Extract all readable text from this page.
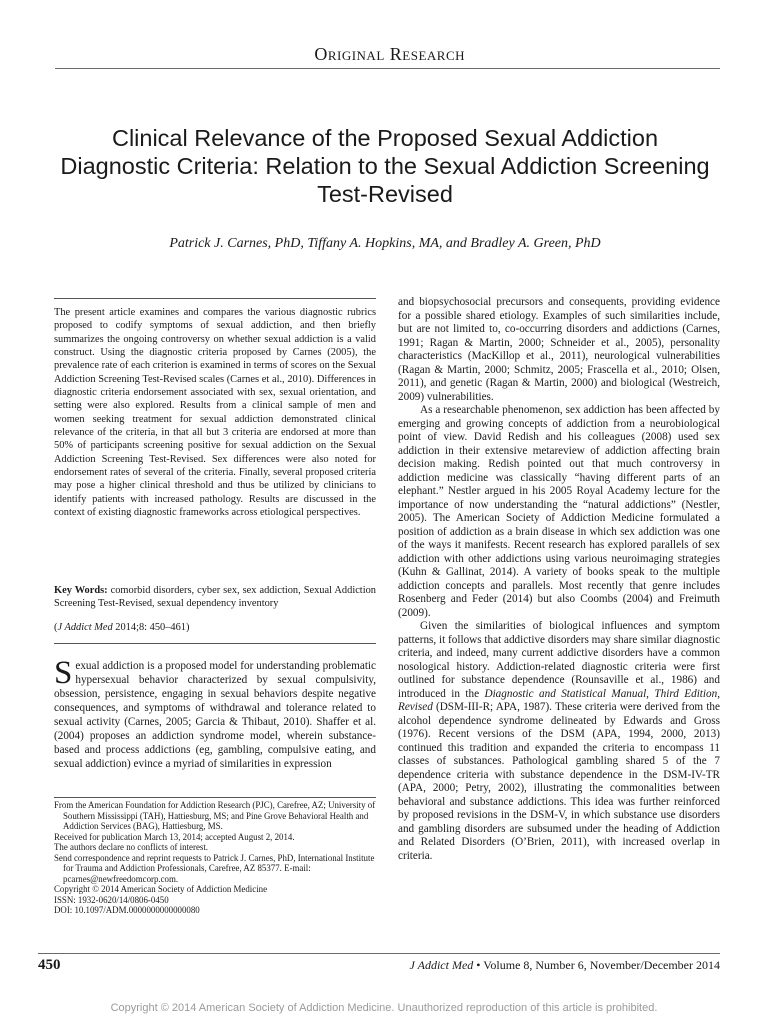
Original Research
Clinical Relevance of the Proposed Sexual Addiction Diagnostic Criteria: Relation to the Sexual Addiction Screening Test-Revised
Patrick J. Carnes, PhD, Tiffany A. Hopkins, MA, and Bradley A. Green, PhD
The present article examines and compares the various diagnostic rubrics proposed to codify symptoms of sexual addiction, and then briefly summarizes the ongoing controversy on whether sexual addiction is a valid construct. Using the diagnostic criteria proposed by Carnes (2005), the prevalence rate of each criterion is examined in terms of scores on the Sexual Addiction Screening Test-Revised scales (Carnes et al., 2010). Differences in diagnostic criteria endorsement associated with sex, sexual orientation, and setting were also explored. Results from a clinical sample of men and women seeking treatment for sexual addiction demonstrated clinical relevance of the criteria, in that all but 3 criteria are endorsed at more than 50% of participants screening positive for sexual addiction on the Sexual Addiction Screening Test-Revised. Sex differences were also noted for endorsement rates of several of the criteria. Finally, several proposed criteria may pose a higher clinical threshold and thus be utilized by clinicians to identify patients with increased pathology. Results are discussed in the context of existing diagnostic frameworks across etiological perspectives.
Key Words: comorbid disorders, cyber sex, sex addiction, Sexual Addiction Screening Test-Revised, sexual dependency inventory
(J Addict Med 2014;8: 450–461)
Sexual addiction is a proposed model for understanding problematic hypersexual behavior characterized by sexual compulsivity, obsession, persistence, engaging in sexual behaviors despite negative consequences, and symptoms of withdrawal and tolerance related to sexual activity (Carnes, 2005; Garcia & Thibaut, 2010). Shaffer et al. (2004) proposes an addiction syndrome model, wherein substance-based and process addictions (eg, gambling, compulsive eating, and sexual addiction) evince a myriad of similarities in expression

From the American Foundation for Addiction Research (PJC), Carefree, AZ; University of Southern Mississippi (TAH), Hattiesburg, MS; and Pine Grove Behavioral Health and Addiction Services (BAG), Hattiesburg, MS.

Received for publication March 13, 2014; accepted August 2, 2014.

The authors declare no conflicts of interest.

Send correspondence and reprint requests to Patrick J. Carnes, PhD, International Institute for Trauma and Addiction Professionals, Carefree, AZ 85377. E-mail: pcarnes@newfreedomcorp.com.

Copyright © 2014 American Society of Addiction Medicine

ISSN: 1932-0620/14/0806-0450

DOI: 10.1097/ADM.0000000000000080

and biopsychosocial precursors and consequents, providing evidence for a possible shared etiology. Examples of such similarities include, but are not limited to, co-occurring disorders and addictions (Carnes, 1991; Ragan & Martin, 2000; Schneider et al., 2005), personality characteristics (MacKillop et al., 2011), neurological vulnerabilities (Ragan & Martin, 2000; Schmitz, 2005; Frascella et al., 2010; Olsen, 2011), and genetic (Ragan & Martin, 2000) and biological (Westreich, 2009) vulnerabilities.

As a researchable phenomenon, sex addiction has been affected by emerging and growing concepts of addiction from a neurobiological point of view. David Redish and his colleagues (2008) used sex addiction in their extensive metareview of addiction affecting brain decision making. Redish pointed out that much controversy in addiction medicine was classically “having different parts of an elephant.” Nestler argued in his 2005 Royal Academy lecture for the importance of now understanding the “natural addictions” (Nestler, 2005). The American Society of Addiction Medicine formulated a position of addiction as a brain disease in which sex addiction was one of the ways it manifests. Recent research has explored parallels of sex addiction with other addictions using various neuroimaging strategies (Kuhn & Gallinat, 2014). A variety of books speak to the multiple addiction concepts and parallels. Most recently that genre includes Rosenberg and Feder (2014) but also Coombs (2004) and Freimuth (2009).

Given the similarities of biological influences and symptom patterns, it follows that addictive disorders may share similar diagnostic criteria, and indeed, many current addictive disorders have a common nosological history. Addiction-related diagnostic criteria were first outlined for substance dependence (Rounsaville et al., 1986) and introduced in the Diagnostic and Statistical Manual, Third Edition, Revised (DSM-III-R; APA, 1987). These criteria were derived from the alcohol dependence syndrome delineated by Edwards and Gross (1976). Recent versions of the DSM (APA, 1994, 2000, 2013) continued this tradition and expanded the criteria to encompass 11 classes of substances. Pathological gambling shared 5 of the 7 dependence criteria with substance dependence in the DSM-IV-TR (APA, 2000; Petry, 2002), illustrating the commonalities between behavioral and substance addictions. This idea was further reinforced by proposed revisions in the DSM-V, in which substance use disorders and gambling disorders are subsumed under the heading of Addiction and Related Disorders (O’Brien, 2011), with increased overlap in criteria.

450	J Addict Med • Volume 8, Number 6, November/December 2014
Copyright © 2014 American Society of Addiction Medicine. Unauthorized reproduction of this article is prohibited.
